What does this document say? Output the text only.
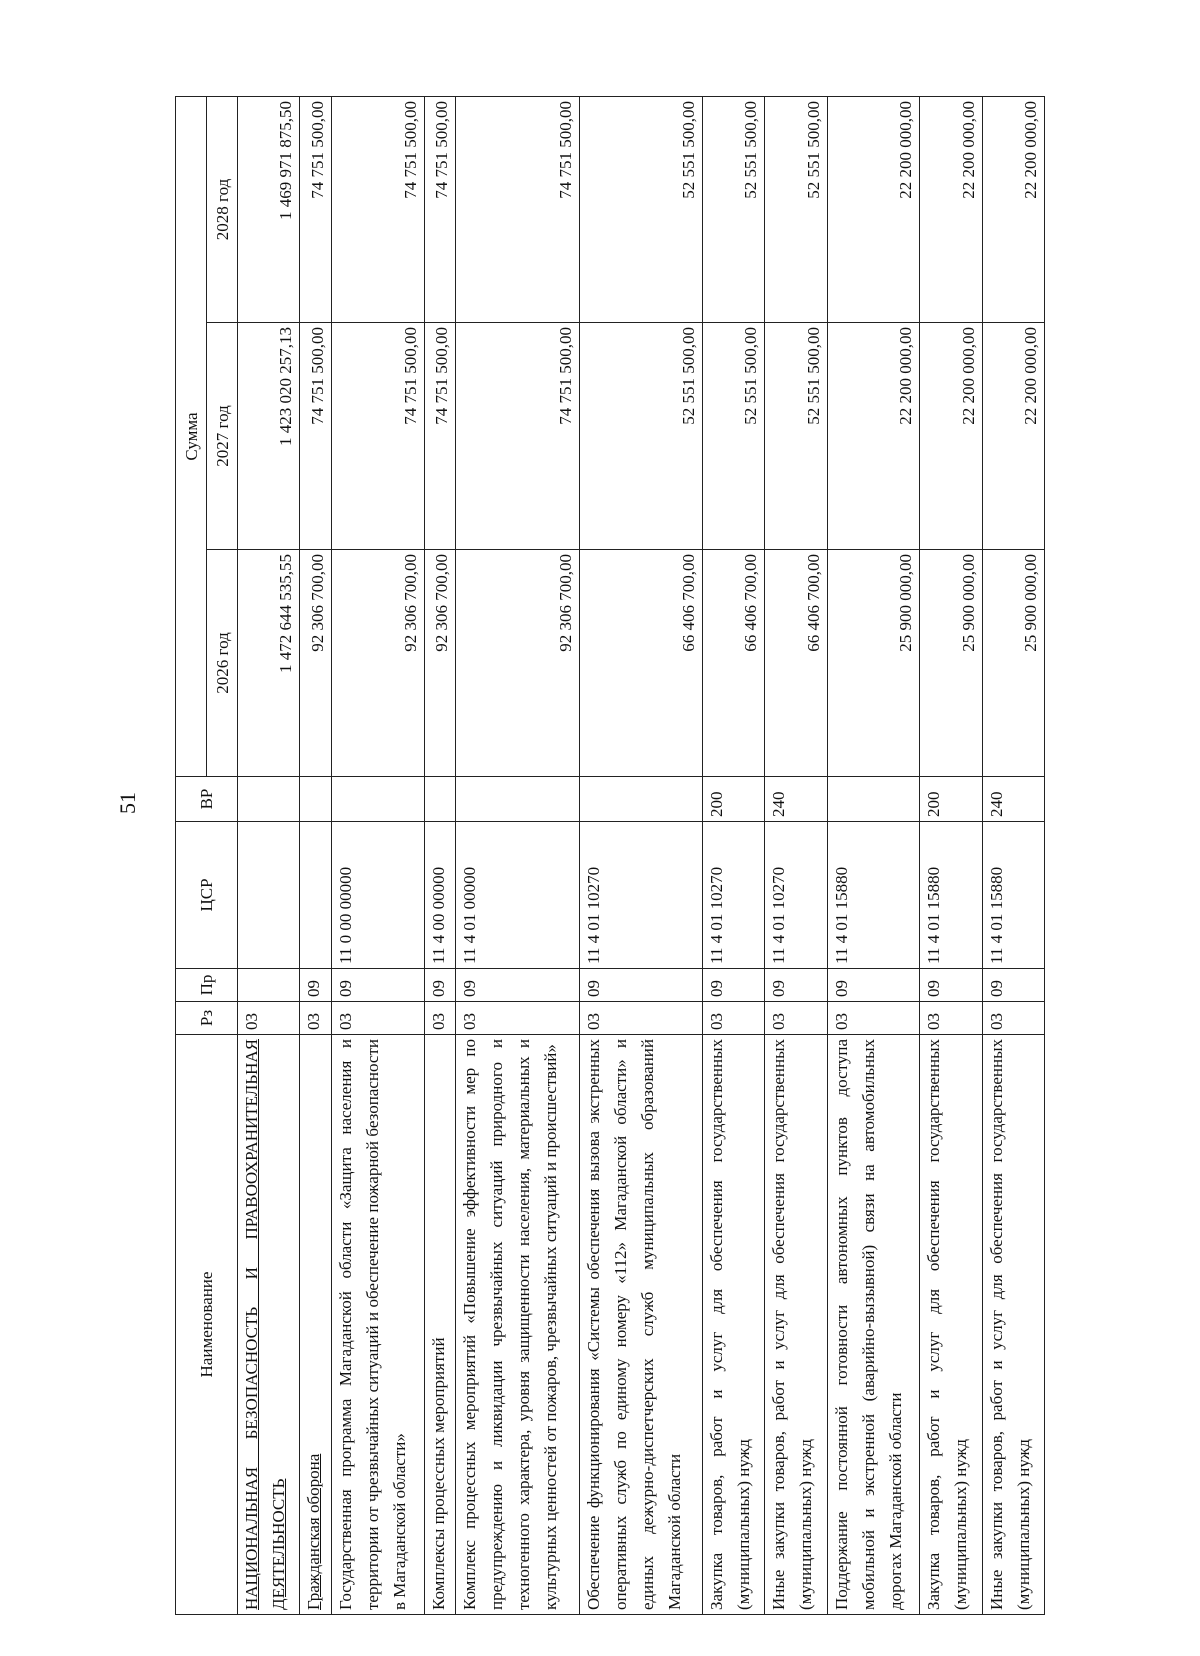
51
Наименование	Рз	Пр	ЦСР	ВР	Сумма		
					2026 год	2027 год	2028 год
НАЦИОНАЛЬНАЯ БЕЗОПАСНОСТЬ И ПРАВООХРАНИТЕЛЬНАЯ ДЕЯТЕЛЬНОСТЬ	03				1 472 644 535,55	1 423 020 257,13	1 469 971 875,50
Гражданская оборона	03	09			92 306 700,00	74 751 500,00	74 751 500,00
Государственная программа Магаданской области «Защита населения и территории от чрезвычайных ситуаций и обеспечение пожарной безопасности в Магаданской области»	03	09	11 0 00 00000		92 306 700,00	74 751 500,00	74 751 500,00
Комплексы процессных мероприятий	03	09	11 4 00 00000		92 306 700,00	74 751 500,00	74 751 500,00
Комплекс процессных мероприятий «Повышение эффективности мер по предупреждению и ликвидации чрезвычайных ситуаций природного и техногенного характера, уровня защищенности населения, материальных и культурных ценностей от пожаров, чрезвычайных ситуаций и происшествий»	03	09	11 4 01 00000		92 306 700,00	74 751 500,00	74 751 500,00
Обеспечение функционирования «Системы обеспечения вызова экстренных оперативных служб по единому номеру «112» Магаданской области» и единых дежурно-диспетчерских служб муниципальных образований Магаданской области	03	09	11 4 01 10270		66 406 700,00	52 551 500,00	52 551 500,00
Закупка товаров, работ и услуг для обеспечения государственных (муниципальных) нужд	03	09	11 4 01 10270	200	66 406 700,00	52 551 500,00	52 551 500,00
Иные закупки товаров, работ и услуг для обеспечения государственных (муниципальных) нужд	03	09	11 4 01 10270	240	66 406 700,00	52 551 500,00	52 551 500,00
Поддержание постоянной готовности автономных пунктов доступа мобильной и экстренной (аварийно-вызывной) связи на автомобильных дорогах Магаданской области	03	09	11 4 01 15880		25 900 000,00	22 200 000,00	22 200 000,00
Закупка товаров, работ и услуг для обеспечения государственных (муниципальных) нужд	03	09	11 4 01 15880	200	25 900 000,00	22 200 000,00	22 200 000,00
Иные закупки товаров, работ и услуг для обеспечения государственных (муниципальных) нужд	03	09	11 4 01 15880	240	25 900 000,00	22 200 000,00	22 200 000,00
